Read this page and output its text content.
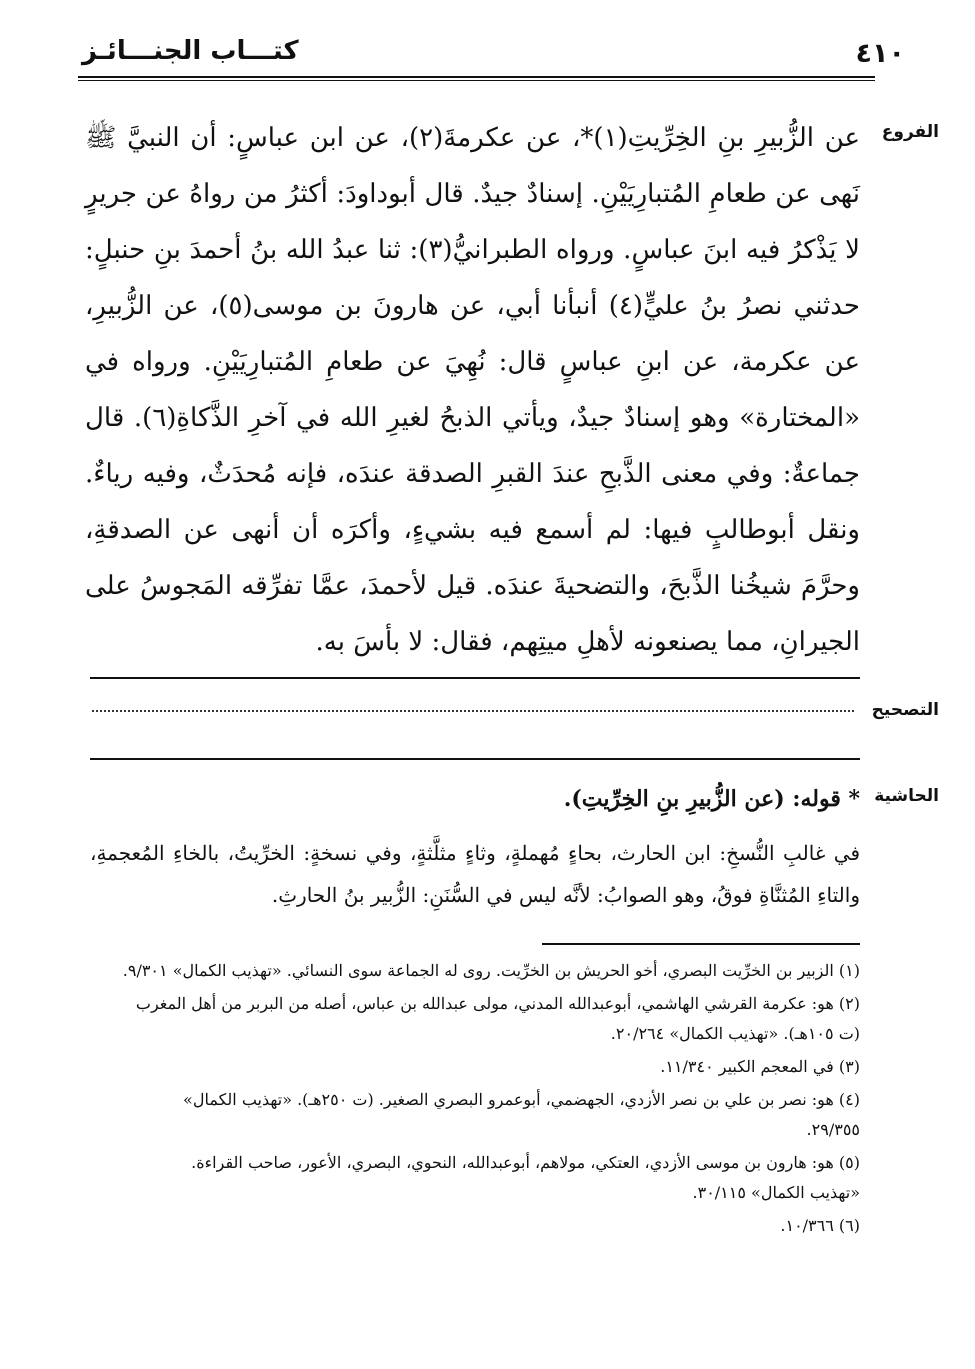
٤١٠
كتـــاب الجنـــائـز
الفروع

عن الزُّبيرِ بنِ الخِرِّيتِ(١)*، عن عكرمةَ(٢)، عن ابن عباسٍ: أن النبيَّ ﷺ نَهى عن طعامِ المُتبارِيَيْنِ. إسنادٌ جيدٌ. قال أبوداودَ: أكثرُ من رواهُ عن جريرٍ لا يَذْكرُ فيه ابنَ عباسٍ. ورواه الطبرانيُّ(٣): ثنا عبدُ الله بنُ أحمدَ بنِ حنبلٍ: حدثني نصرُ بنُ عليٍّ(٤) أنبأنا أبي، عن هارونَ بن موسى(٥)، عن الزُّبيرِ، عن عكرمة، عن ابنِ عباسٍ قال: نُهِيَ عن طعامِ المُتبارِيَيْنِ. ورواه في «المختارة» وهو إسنادٌ جيدٌ، ويأتي الذبحُ لغيرِ الله في آخرِ الذَّكاةِ(٦). قال جماعةٌ: وفي معنى الذَّبحِ عندَ القبرِ الصدقة عندَه، فإنه مُحدَثٌ، وفيه رياءٌ. ونقل أبوطالبٍ فيها: لم أسمع فيه بشيءٍ، وأكرَه أن أنهى عن الصدقةِ، وحرَّمَ شيخُنا الذَّبحَ، والتضحيةَ عندَه. قيل لأحمدَ، عمَّا تفرِّقه المَجوسُ على الجيرانِ، مما يصنعونه لأهلِ ميتِهم، فقال: لا بأسَ به.

التصحيح
الحاشية
* قوله: (عن الزُّبيرِ بنِ الخِرِّيتِ).

في غالبِ النُّسخِ: ابن الحارث، بحاءٍ مُهملةٍ، وثاءٍ مثلَّثةٍ، وفي نسخةٍ: الخرِّيتُ، بالخاءِ المُعجمةِ، والتاءِ المُثنَّاةِ فوقُ، وهو الصوابُ: لأنَّه ليس في السُّنَنِ: الزُّبير بنُ الحارثِ.

(١) الزبير بن الخرِّيت البصري، أخو الحريش بن الخرِّيت. روى له الجماعة سوى النسائي. «تهذيب الكمال» ٩/٣٠١.

(٢) هو: عكرمة القرشي الهاشمي، أبوعبدالله المدني، مولى عبدالله بن عباس، أصله من البربر من أهل المغرب
(ت ١٠٥هـ). «تهذيب الكمال» ٢٠/٢٦٤.

(٣) في المعجم الكبير ١١/٣٤٠.

(٤) هو: نصر بن علي بن نصر الأزدي، الجهضمي، أبوعمرو البصري الصغير. (ت ٢٥٠هـ). «تهذيب الكمال»
٢٩/٣٥٥.

(٥) هو: هارون بن موسى الأزدي، العتكي، مولاهم، أبوعبدالله، النحوي، البصري، الأعور، صاحب القراءة.
«تهذيب الكمال» ٣٠/١١٥.

(٦) ١٠/٣٦٦.
